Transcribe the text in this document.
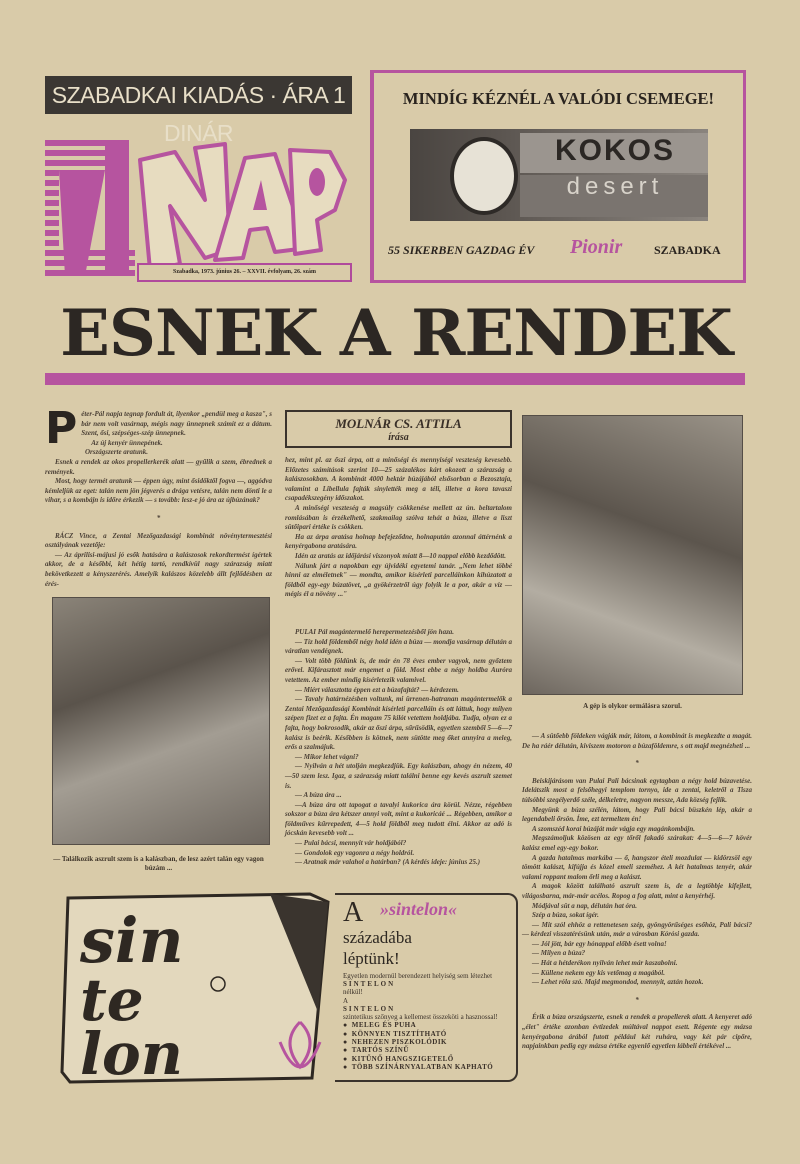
SZABADKAI KIADÁS · ÁRA 1 DINÁR
Szabadka, 1973. június 26. – XXVII. évfolyam, 26. szám
MINDÍG KÉZNÉL A VALÓDI CSEMEGE!
KOKOS
desert
55 SIKERBEN GAZDAG ÉV Pionir	SZABADKA
ESNEK A RENDEK
P éter-Pál napja tegnap fordult át, ilyenkor „pendül meg a kasza", s bár nem volt vasárnap, mégis nagy ünnepnek számít ez a dátum. Szent, ősi, szépséges-szép ünnepnek.

Az új kenyér ünnepének.

Országszerte aratunk.

Esnek a rendek az okos propellerkerék alatt — gyűlik a szem, ébrednek a remények.

Most, hogy termét aratunk — éppen úgy, mint ősidőktől fogva —, aggódva kémleljük az eget: talán nem jön jégverés a drága vetésre, talán nem dönti le a vihar, s a kombájn is időre érkezik — s tovább: lesz-e jó ára az újbúzának?

*

RÁCZ Vince, a Zentai Mezőgazdasági kombinát növénytermesztési osztályának vezetője:

— Az áprilisi-májusi jó esők hatására a kalászosok rekordtermést ígértek akkor, de a későbbi, két hétig tartó, rendkívül nagy szárazság miatt bekövetkezett a kényszerérés. Amelyik kalászos közelebb állt fejlődésben az érés-

— Találkozik aszrult szem is a kalászban, de lesz azért talán egy vagon búzám ...
MOLNÁR CS. ATTILA
írása

hez, mint pl. az őszi árpa, ott a minőségi és mennyiségi veszteség kevesebb. Előzetes számítások szerint 10—25 százalékos kárt okozott a szárazság a kalászosokban. A kombinát 4000 hektár búzájából elsősorban a Bezosztaja, valamint a Libellula fajták sinylették meg a téli, illetve a kora tavaszi csapadékszegény időszakot.

A minőségi veszteség a magsúly csökkenése mellett az ún. beltartalom romlásában is érzékelhető, szakmailag szólva tehát a búza, illetve a liszt sütőipari értéke is csökken.

Ha az árpa aratása holnap befejeződne, holnapután azonnal áttérnénk a kenyérgabona aratására.

Idén az aratás az időjárási viszonyok miatt 8—10 nappal előbb kezdődött.

Nálunk járt a napokban egy újvidéki egyetemi tanár. „Nem lehet többé hinni az elméletnek" — mondta, amikor kísérleti parcelláinkon kihúzatott a földből egy-egy búzatövet, „a gyökérzetről úgy folyik le a por, akár a víz — mégis él a növény ..."

PULAI Pál magántermelő herepermetezésből jön haza.

— Tíz hold földemből négy hold idén a búza — mondja vasárnap délután a váratlan vendégnek.

— Volt több földünk is, de már én 78 éves ember vagyok, nem győztem erővel. Kifárasztott már engemet a föld. Most ebbe a négy holdba Auróra vetettem. Az ember mindig kísérletezik valamivel.

— Miért választotta éppen ezt a búzafajtát? — kérdezem.

— Tavaly határnézésben voltunk, mi ürrenen-hatranan magántermelők a Zentai Mezőgazdasági Kombinát kísérleti parcelláin és ott láttuk, hogy milyen szépen fizet ez a fajta. Én magam 75 kilót vetettem holdjába. Tudja, olyan ez a fajta, hogy bokrosodik, akár az őszi árpa, sűrűsödik, egyetlen szemből 5—6—7 kalász is beérik. Későbben is kötnek, nem sütötte meg őket annyira a meleg, erős a szalmájuk.

— Mikor lehet vágni?

— Nyilván a hét utolján megkezdjük. Egy kalászban, ahogy én nézem, 40—50 szem lesz. Igaz, a szárazság miatt találni benne egy kevés aszrult szemet is.

— A búza ára ...

—A búza ára ott tapogat a tavalyi kukorica ára körül. Nézze, régebben sokszor a búza ára kétszer annyi volt, mint a kukoricáé ... Régebben, amikor a földműves kűrrepedett, 4—5 hold földből meg tudott élni. Akkor az adó is jócskán kevesebb volt ...

— Pulai bácsi, mennyit vár holdjából?

— Gondolok egy vagonra a négy holdról.

— Aratnak már valahol a határban? (A kérdés ideje: június 25.)

A gép is olykor ormálásra szorul.

— A sütőebb földeken vágják már, látom, a kombinát is megkezdte a magát. De ha ráér délután, kiviszem motoron a búzaföldemre, s ott majd megnézheti ...

*

Beiskijárásom van Pulai Pali bácsinak egytagban a négy hold búzavetése. Idelátszik most a felsőhegyi templom tornyo, ide a zentai, keletről a Tisza túlsóbbi szegélyerdő széle, délkeletre, nagyon messze, Ada község fejlik.

Megyünk a búza szélén, látom, hogy Pali bácsi büszkén lép, akár a legendabeli őrsön. Íme, ezt termeltem én!

A szomszéd korai búzáját már vágja egy magánkombájn.

Megszámoljuk közösen az egy tőről fakadó szárakat: 4—5—6—7 kövér kalász emel egy-egy bokor.

A gazda hatalmas markába — ő, hangszor ételi mozdulat — kidörzsöl egy tömött kalászt, kifújja és közel emeli szeméhez. A két hatalmas tenyér, akár valami roppant malom őrli meg a kalászt.

A magok között található aszrult szem is, de a legtöbbje kifejlett, világosbarna, már-már acélos. Ropog a fog alatt, mint a kenyérhéj.

Módjával süt a nap, délután hat óra.

Szép a búza, sokat ígér.

— Mit szól ehhöz a rettenetesen szép, gyöngyörűséges esőhöz, Pali bácsi? — kérdezi visszatérésünk után, már a városban Kórósi gazda.

— Jól jött, bár egy hónappal előbb ésett volna!

— Milyen a búza?

— Hát a hétderékon nyilván lehet már kaszabolni.

— Küllene nekem egy kis vetőmag a magából.

— Lehet róla szó. Majd megmondod, mennyit, aztán hozok.

*

Érik a búza országszerte, esnek a rendek a propellerek alatt. A kenyeret adó „élet" értéke azonban évtizedek múltával nappot esett. Régente egy mázsa kenyérgabona árából futott például két ruhára, vagy két pár cipőre, napjainkban pedig egy mázsa értéke egyenlő egyetlen lábbeli értékével ...

sin
te
lon
A »sintelon«
századába
léptünk!
Egyetlen modernül berendezett helyiség sem létezhet
SINTELON
nélkül!
A
SINTELON
szintetikus szőnyeg a kellemest összeköti a hasznossal!
● MELEG ÉS PUHA
● KÖNNYEN TISZTÍTHATÓ
● NEHEZEN PISZKOLÓDIK
● TARTÓS SZÍNŰ
● KITŰNŐ HANGSZIGETELŐ
● TÖBB SZÍNÁRNYALATBAN KAPHATÓ
